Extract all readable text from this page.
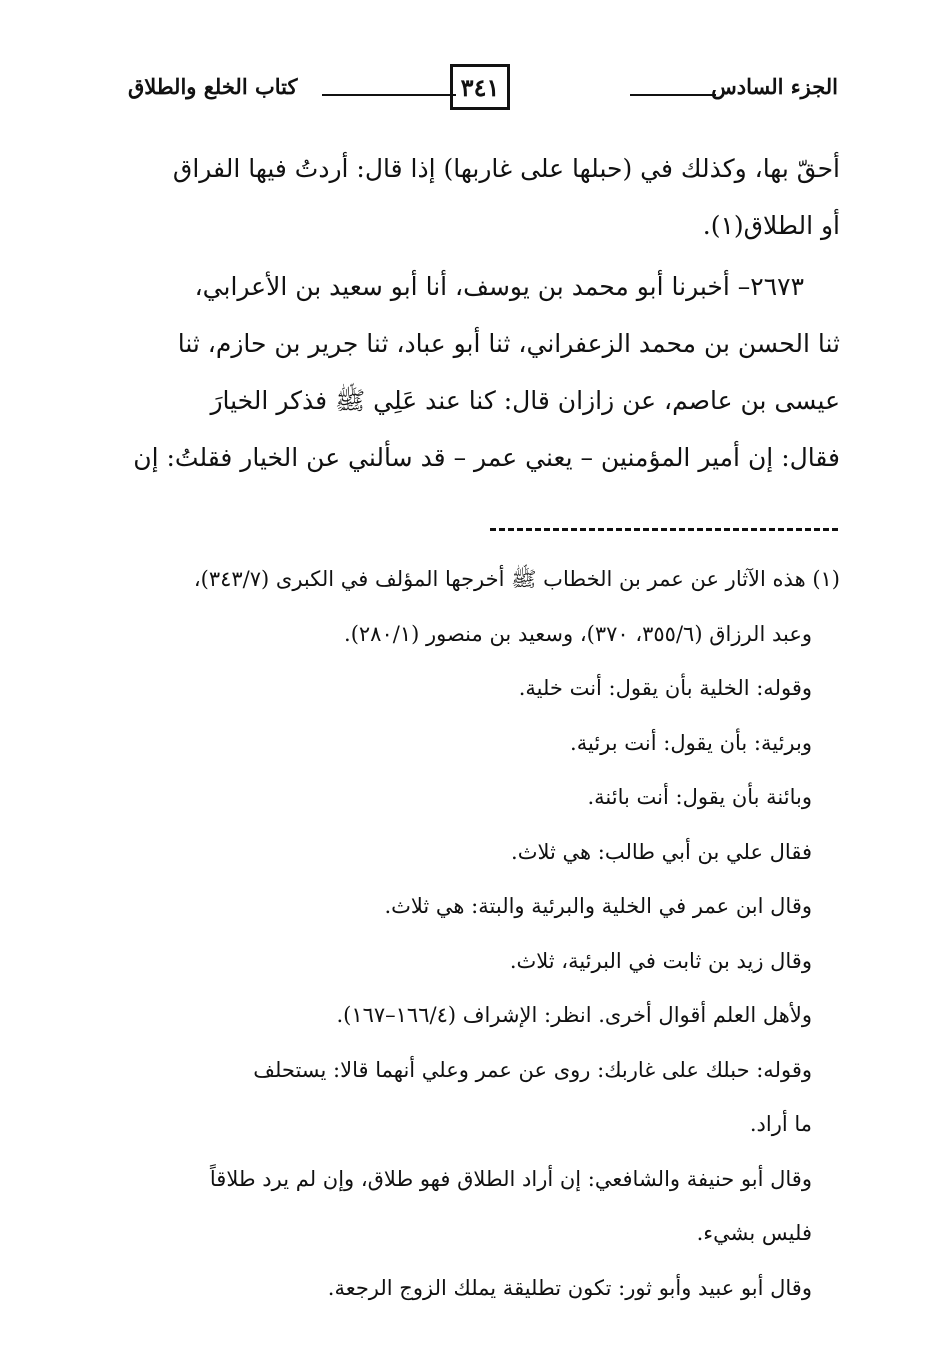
الجزء السادس
٣٤١
كتاب الخلع والطلاق

أحقّ بها، وكذلك في (حبلها على غاربها) إذا قال: أردتُ فيها الفراق

أو الطلاق(١).

٢٦٧٣– أخبرنا أبو محمد بن يوسف، أنا أبو سعيد بن الأعرابي،

ثنا الحسن بن محمد الزعفراني، ثنا أبو عباد، ثنا جرير بن حازم، ثنا

عيسى بن عاصم، عن زازان قال: كنا عند عَلِي ﷺ فذكر الخيارَ

فقال: إن أمير المؤمنين – يعني عمر – قد سألني عن الخيار فقلتُ: إن

(١) هذه الآثار عن عمر بن الخطاب ﷺ أخرجها المؤلف في الكبرى (٣٤٣/٧)،

وعبد الرزاق (٣٥٥/٦، ٣٧٠)، وسعيد بن منصور (٢٨٠/١).

وقوله: الخلية بأن يقول: أنت خلية.

وبرئية: بأن يقول: أنت برئية.

وبائنة بأن يقول: أنت بائنة.

فقال علي بن أبي طالب: هي ثلاث.

وقال ابن عمر في الخلية والبرئية والبتة: هي ثلاث.

وقال زيد بن ثابت في البرئية، ثلاث.

ولأهل العلم أقوال أخرى. انظر: الإشراف (١٦٦/٤–١٦٧).

وقوله: حبلك على غاربك: روى عن عمر وعلي أنهما قالا: يستحلف

ما أراد.

وقال أبو حنيفة والشافعي: إن أراد الطلاق فهو طلاق، وإن لم يرد طلاقاً

فليس بشيء.

وقال أبو عبيد وأبو ثور: تكون تطليقة يملك الزوج الرجعة.
